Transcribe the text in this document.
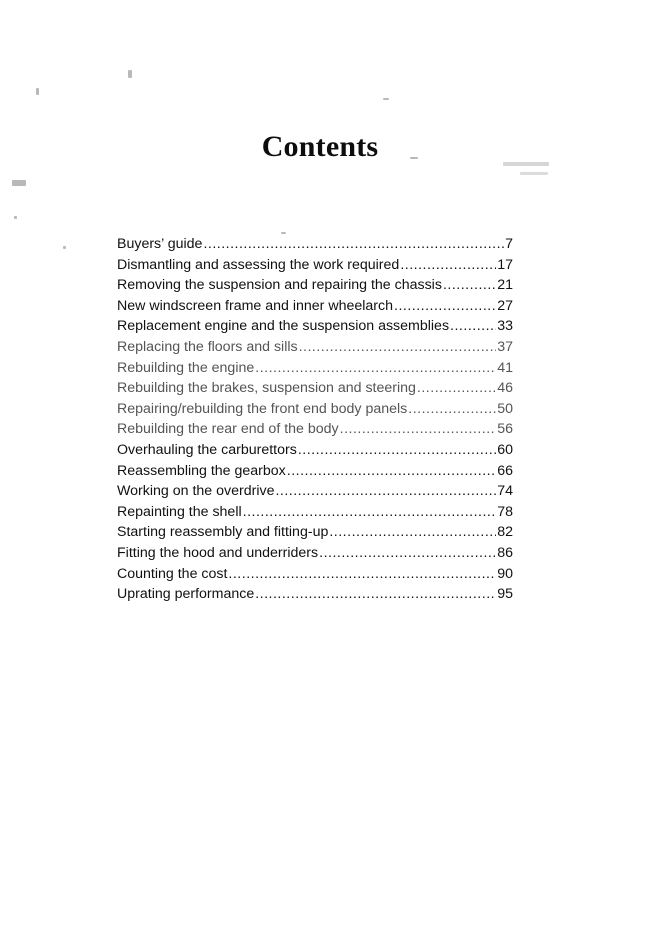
Contents
Buyers’ guide .....	7
Dismantling and assessing the work required .....	17
Removing the suspension and repairing the chassis .....	21
New windscreen frame and inner wheelarch .....	27
Replacement engine and the suspension assemblies .....	33
Replacing the floors and sills .....	37
Rebuilding the engine .....	41
Rebuilding the brakes, suspension and steering .....	46
Repairing/rebuilding the front end body panels .....	50
Rebuilding the rear end of the body .....	56
Overhauling the carburettors .....	60
Reassembling the gearbox .....	66
Working on the overdrive .....	74
Repainting the shell .....	78
Starting reassembly and fitting-up .....	82
Fitting the hood and underriders .....	86
Counting the cost .....	90
Uprating performance .....	95
